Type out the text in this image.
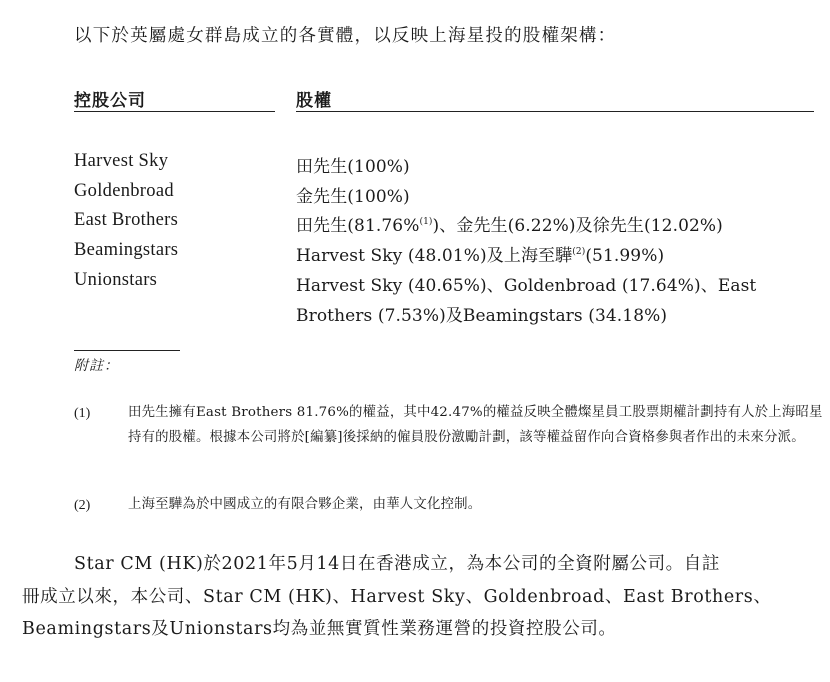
以下於英屬處女群島成立的各實體，以反映上海星投的股權架構：
控股公司	股權
Harvest Sky	田先生(100%)
Goldenbroad	金先生(100%)
East Brothers	田先生(81.76%$^{(1)}$)、金先生(6.22%)及徐先生(12.02%)
Beamingstars	Harvest Sky (48.01%)及上海至驊$^{(2)}$(51.99%)
Unionstars	Harvest Sky (40.65%)、Goldenbroad (17.64%)、East
Brothers (7.53%)及Beamingstars (34.18%)
附註：
(1)	田先生擁有East Brothers 81.76%的權益，其中42.47%的權益反映全體燦星員工股票期權計劃持有人於上海昭星持有的股權。根據本公司將於[編纂]後採納的僱員股份激勵計劃，該等權益留作向合資格參與者作出的未來分派。
(2)	上海至驊為於中國成立的有限合夥企業，由華人文化控制。
Star CM (HK)於2021年5月14日在香港成立，為本公司的全資附屬公司。自註
冊成立以來，本公司、Star CM (HK)、Harvest Sky、Goldenbroad、East Brothers、
Beamingstars及Unionstars均為並無實質性業務運營的投資控股公司。
